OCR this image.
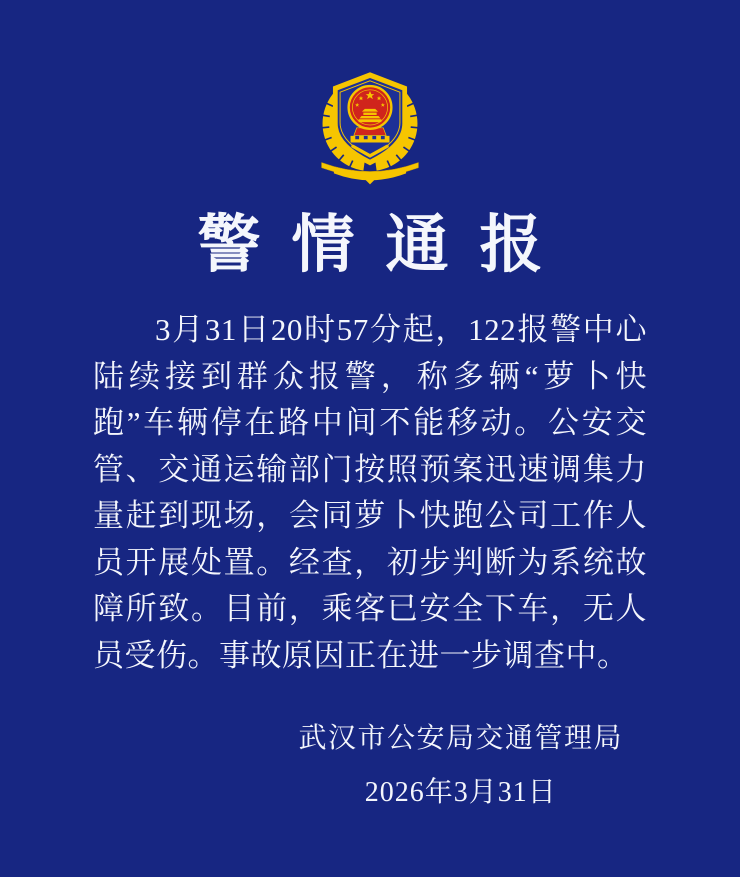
警情通报

3月31日20时57分起，122报警中心陆续接到群众报警，称多辆“萝卜快跑”车辆停在路中间不能移动。公安交管、交通运输部门按照预案迅速调集力量赶到现场，会同萝卜快跑公司工作人员开展处置。经查，初步判断为系统故障所致。目前，乘客已安全下车，无人员受伤。事故原因正在进一步调查中。

武汉市公安局交通管理局
2026年3月31日
